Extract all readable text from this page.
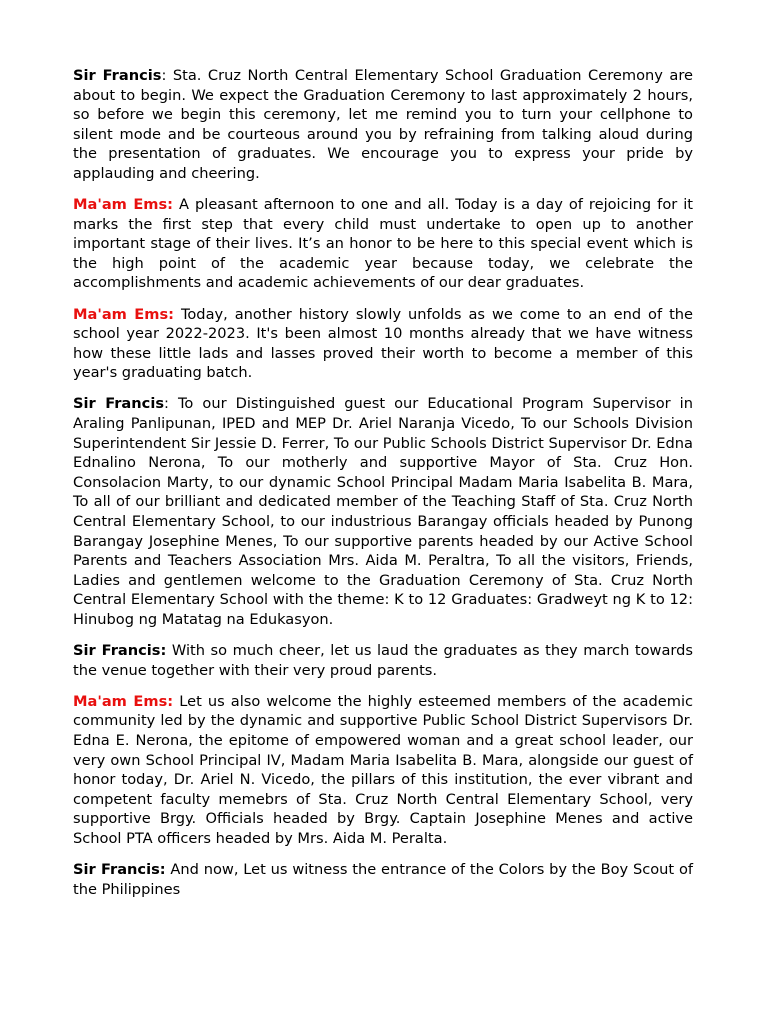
Sir Francis: Sta. Cruz North Central Elementary School Graduation Ceremony are about to begin. We expect the Graduation Ceremony to last approximately 2 hours, so before we begin this ceremony, let me remind you to turn your cellphone to silent mode and be courteous around you by refraining from talking aloud during the presentation of graduates. We encourage you to express your pride by applauding and cheering.

Ma'am Ems: A pleasant afternoon to one and all. Today is a day of rejoicing for it marks the first step that every child must undertake to open up to another important stage of their lives. It’s an honor to be here to this special event which is the high point of the academic year because today, we celebrate the accomplishments and academic achievements of our dear graduates.

Ma'am Ems: Today, another history slowly unfolds as we come to an end of the school year 2022-2023. It's been almost 10 months already that we have witness how these little lads and lasses proved their worth to become a member of this year's graduating batch.

Sir Francis: To our Distinguished guest our Educational Program Supervisor in Araling Panlipunan, IPED and MEP Dr. Ariel Naranja Vicedo, To our Schools Division Superintendent Sir Jessie D. Ferrer, To our Public Schools District Supervisor Dr. Edna Ednalino Nerona, To our motherly and supportive Mayor of Sta. Cruz Hon. Consolacion Marty, to our dynamic School Principal Madam Maria Isabelita B. Mara, To all of our brilliant and dedicated member of the Teaching Staff of Sta. Cruz North Central Elementary School, to our industrious Barangay officials headed by Punong Barangay Josephine Menes, To our supportive parents headed by our Active School Parents and Teachers Association Mrs. Aida M. Peraltra, To all the visitors, Friends, Ladies and gentlemen welcome to the Graduation Ceremony of Sta. Cruz North Central Elementary School with the theme: K to 12 Graduates: Gradweyt ng K to 12: Hinubog ng Matatag na Edukasyon.

Sir Francis: With so much cheer, let us laud the graduates as they march towards the venue together with their very proud parents.

Ma'am Ems: Let us also welcome the highly esteemed members of the academic community led by the dynamic and supportive Public School District Supervisors Dr. Edna E. Nerona, the epitome of empowered woman and a great school leader, our very own School Principal IV, Madam Maria Isabelita B. Mara, alongside our guest of honor today, Dr. Ariel N. Vicedo, the pillars of this institution, the ever vibrant and competent faculty memebrs of Sta. Cruz North Central Elementary School, very supportive Brgy. Officials headed by Brgy. Captain Josephine Menes and active School PTA officers headed by Mrs. Aida M. Peralta.

Sir Francis: And now, Let us witness the entrance of the Colors by the Boy Scout of the Philippines
